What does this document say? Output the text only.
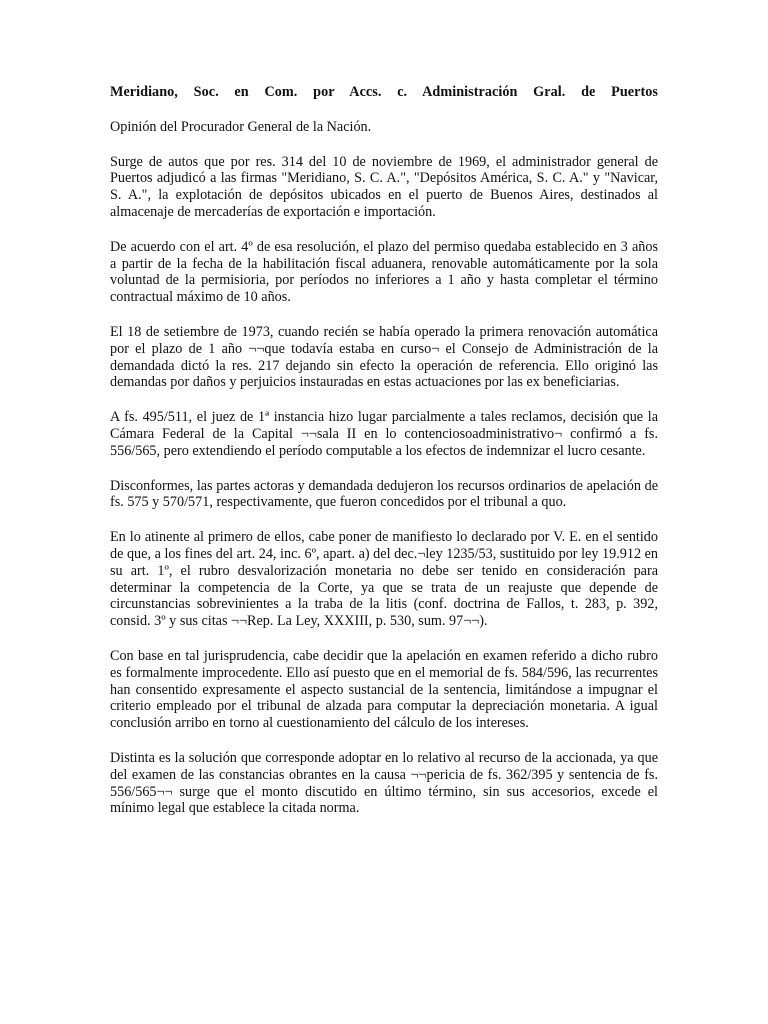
Meridiano, Soc. en Com. por Accs. c. Administración Gral. de Puertos

Opinión del Procurador General de la Nación.

Surge de autos que por res. 314 del 10 de noviembre de 1969, el administrador general de Puertos adjudicó a las firmas "Meridiano, S. C. A.", "Depósitos América, S. C. A." y "Navicar, S. A.", la explotación de depósitos ubicados en el puerto de Buenos Aires, destinados al almacenaje de mercaderías de exportación e importación.

De acuerdo con el art. 4º de esa resolución, el plazo del permiso quedaba establecido en 3 años a partir de la fecha de la habilitación fiscal aduanera, renovable automáticamente por la sola voluntad de la permisioria, por períodos no inferiores a 1 año y hasta completar el término contractual máximo de 10 años.

El 18 de setiembre de 1973, cuando recién se había operado la primera renovación automática por el plazo de 1 año ¬¬que todavía estaba en curso¬ el Consejo de Administración de la demandada dictó la res. 217 dejando sin efecto la operación de referencia. Ello originó las demandas por daños y perjuicios instauradas en estas actuaciones por las ex beneficiarias.

A fs. 495/511, el juez de 1ª instancia hizo lugar parcialmente a tales reclamos, decisión que la Cámara Federal de la Capital ¬¬sala II en lo contenciosoadministrativo¬ confirmó a fs. 556/565, pero extendiendo el período computable a los efectos de indemnizar el lucro cesante.

Disconformes, las partes actoras y demandada dedujeron los recursos ordinarios de apelación de fs. 575 y 570/571, respectivamente, que fueron concedidos por el tribunal a quo.

En lo atinente al primero de ellos, cabe poner de manifiesto lo declarado por V. E. en el sentido de que, a los fines del art. 24, inc. 6º, apart. a) del dec.¬ley 1235/53, sustituido por ley 19.912 en su art. 1º, el rubro desvalorización monetaria no debe ser tenido en consideración para determinar la competencia de la Corte, ya que se trata de un reajuste que depende de circunstancias sobrevinientes a la traba de la litis (conf. doctrina de Fallos, t. 283, p. 392, consid. 3º y sus citas ¬¬Rep. La Ley, XXXIII, p. 530, sum. 97¬¬).

Con base en tal jurisprudencia, cabe decidir que la apelación en examen referido a dicho rubro es formalmente improcedente. Ello así puesto que en el memorial de fs. 584/596, las recurrentes han consentido expresamente el aspecto sustancial de la sentencia, limitándose a impugnar el criterio empleado por el tribunal de alzada para computar la depreciación monetaria. A igual conclusión arribo en torno al cuestionamiento del cálculo de los intereses.

Distinta es la solución que corresponde adoptar en lo relativo al recurso de la accionada, ya que del examen de las constancias obrantes en la causa ¬¬pericia de fs. 362/395 y sentencia de fs. 556/565¬¬ surge que el monto discutido en último término, sin sus accesorios, excede el mínimo legal que establece la citada norma.
